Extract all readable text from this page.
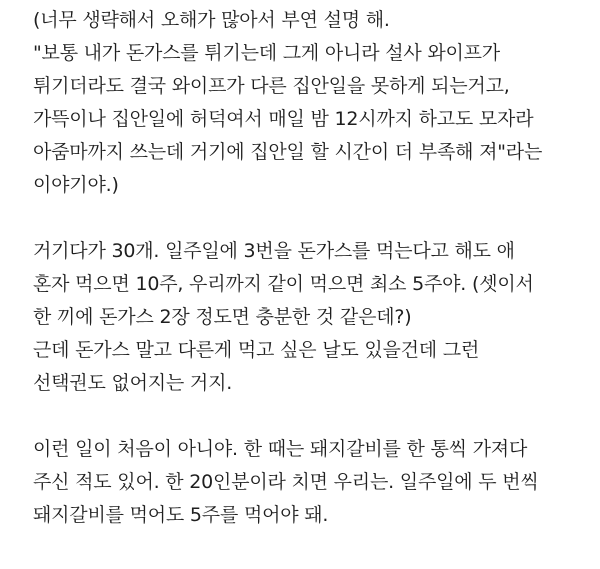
(너무 생략해서 오해가 많아서 부연 설명 해.
"보통 내가 돈가스를 튀기는데 그게 아니라 설사 와이프가
튀기더라도 결국 와이프가 다른 집안일을 못하게 되는거고,
가뜩이나 집안일에 허덕여서 매일 밤 12시까지 하고도 모자라
아줌마까지 쓰는데 거기에 집안일 할 시간이 더 부족해 져"라는
이야기야.)
거기다가 30개. 일주일에 3번을 돈가스를 먹는다고 해도 애
혼자 먹으면 10주, 우리까지 같이 먹으면 최소 5주야. (셋이서
한 끼에 돈가스 2장 정도면 충분한 것 같은데?)
근데 돈가스 말고 다른게 먹고 싶은 날도 있을건데 그런
선택권도 없어지는 거지.
이런 일이 처음이 아니야. 한 때는 돼지갈비를 한 통씩 가져다
주신 적도 있어. 한 20인분이라 치면 우리는. 일주일에 두 번씩
돼지갈비를 먹어도 5주를 먹어야 돼.
